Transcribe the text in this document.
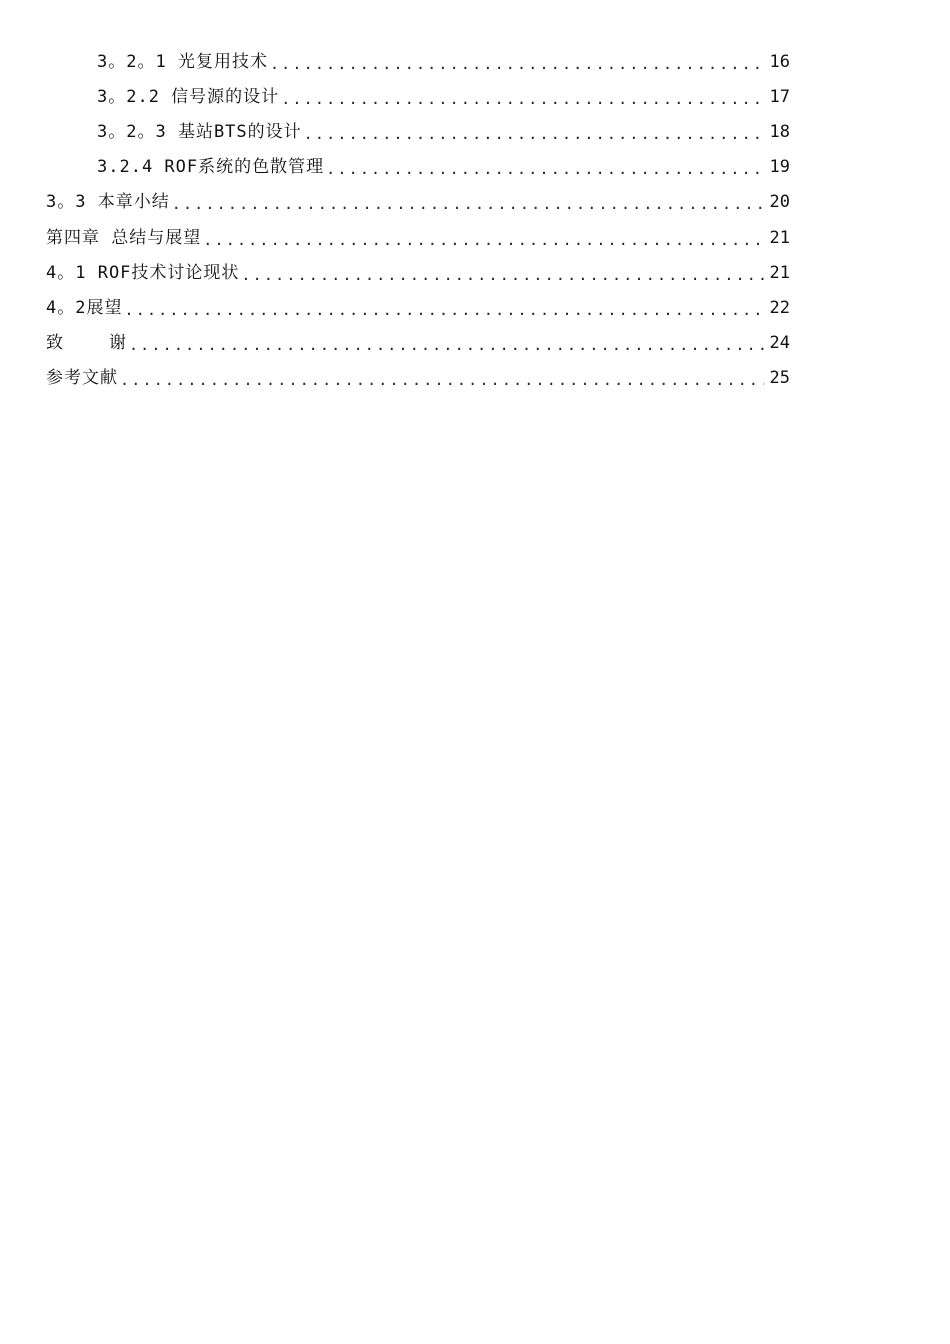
3。2。1 光复用技术 .....	16
3。2.2 信号源的设计 .....	17
3。2。3 基站BTS的设计 .....	18
3.2.4 ROF系统的色散管理 .....	19
3。3 本章小结 .....	20
第四章 总结与展望 .....	21
4。1 ROF技术讨论现状 .....	21
4。2展望 .....	22
致    谢 .....	24
参考文献 .....	25
